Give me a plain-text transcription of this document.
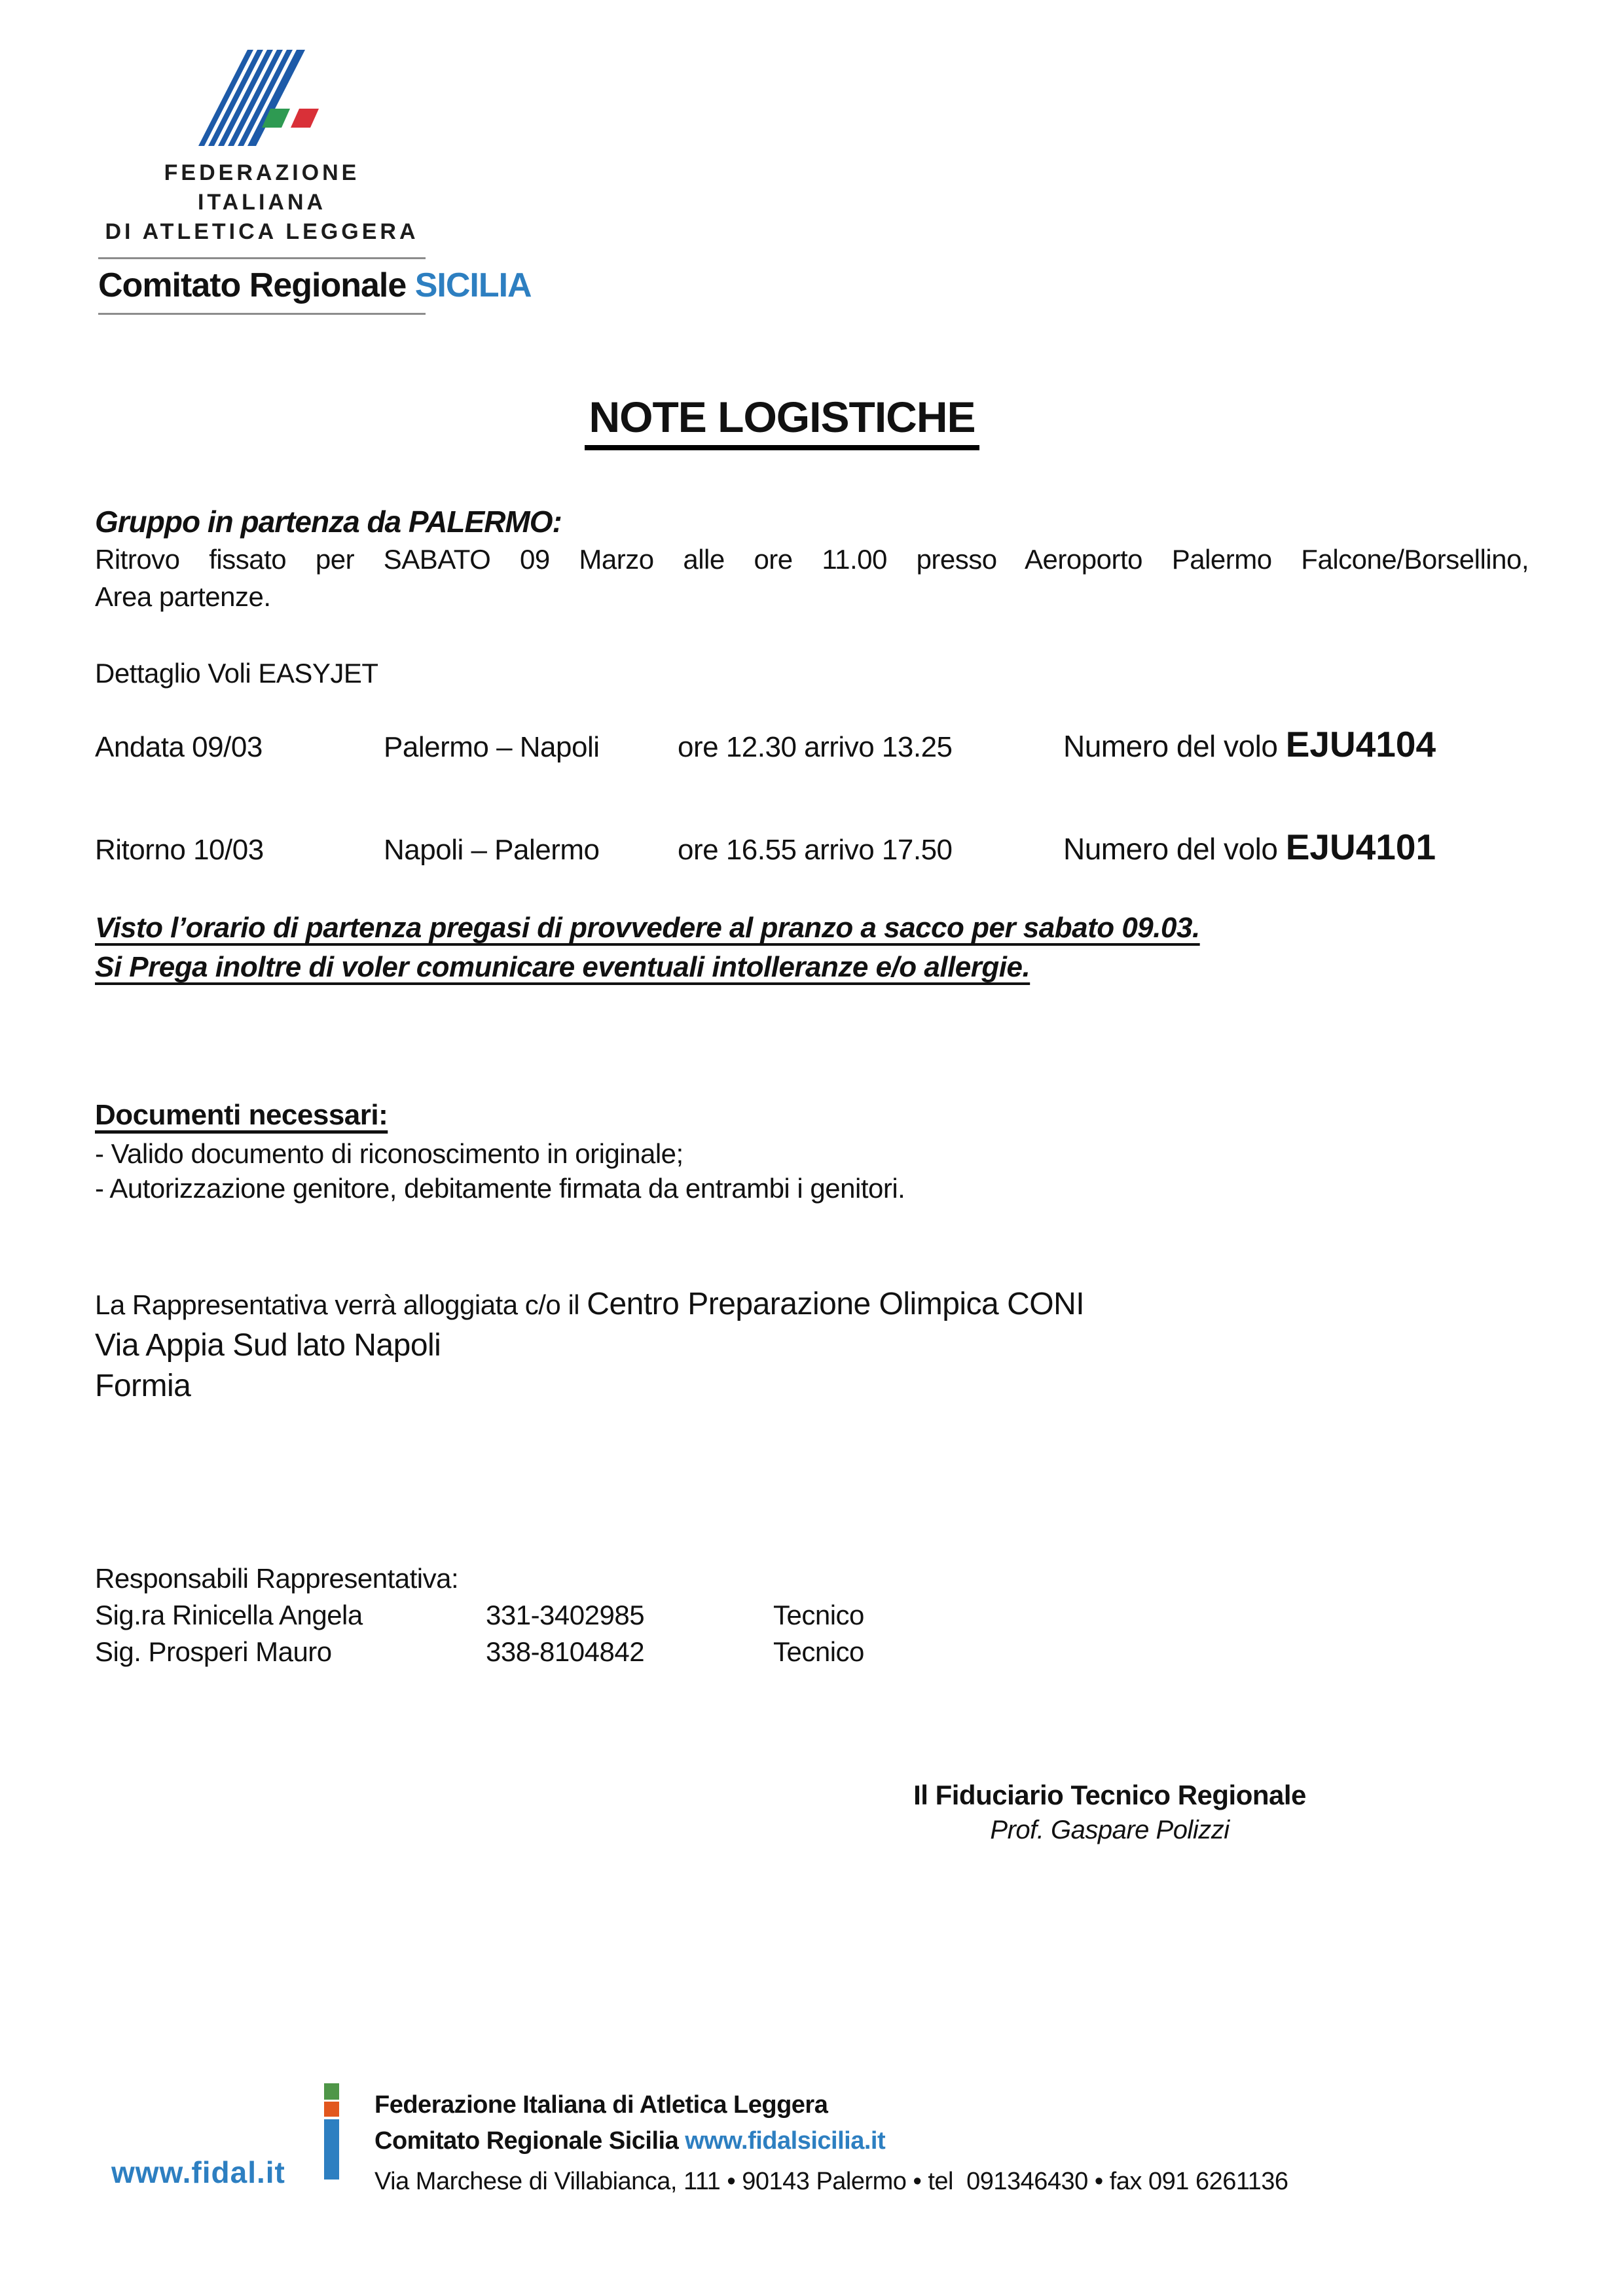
FEDERAZIONE ITALIANA
DI ATLETICA LEGGERA
Comitato Regionale SICILIA
NOTE LOGISTICHE
Gruppo in partenza da PALERMO:
Ritrovo fissato per SABATO 09 Marzo alle ore 11.00 presso Aeroporto Palermo Falcone/Borsellino,
Area partenze.
Dettaglio Voli EASYJET
Andata 09/03	Palermo – Napoli	ore 12.30 arrivo 13.25	Numero del volo EJU4104
Ritorno 10/03	Napoli – Palermo	ore 16.55 arrivo 17.50	Numero del volo EJU4101
Visto l’orario di partenza pregasi di provvedere al pranzo a sacco per sabato 09.03.
Si Prega inoltre di voler comunicare eventuali intolleranze e/o allergie.
Documenti necessari:
- Valido documento di riconoscimento in originale;
- Autorizzazione genitore, debitamente firmata da entrambi i genitori.
La Rappresentativa verrà alloggiata c/o il Centro Preparazione Olimpica CONI
Via Appia Sud lato Napoli
Formia
Responsabili Rappresentativa:
Sig.ra Rinicella Angela	331-3402985	Tecnico
Sig. Prosperi Mauro	338-8104842	Tecnico
Il Fiduciario Tecnico Regionale
Prof. Gaspare Polizzi
www.fidal.it
Federazione Italiana di Atletica Leggera
Comitato Regionale Sicilia www.fidalsicilia.it
Via Marchese di Villabianca, 111 • 90143 Palermo • tel  091346430 • fax 091 6261136
